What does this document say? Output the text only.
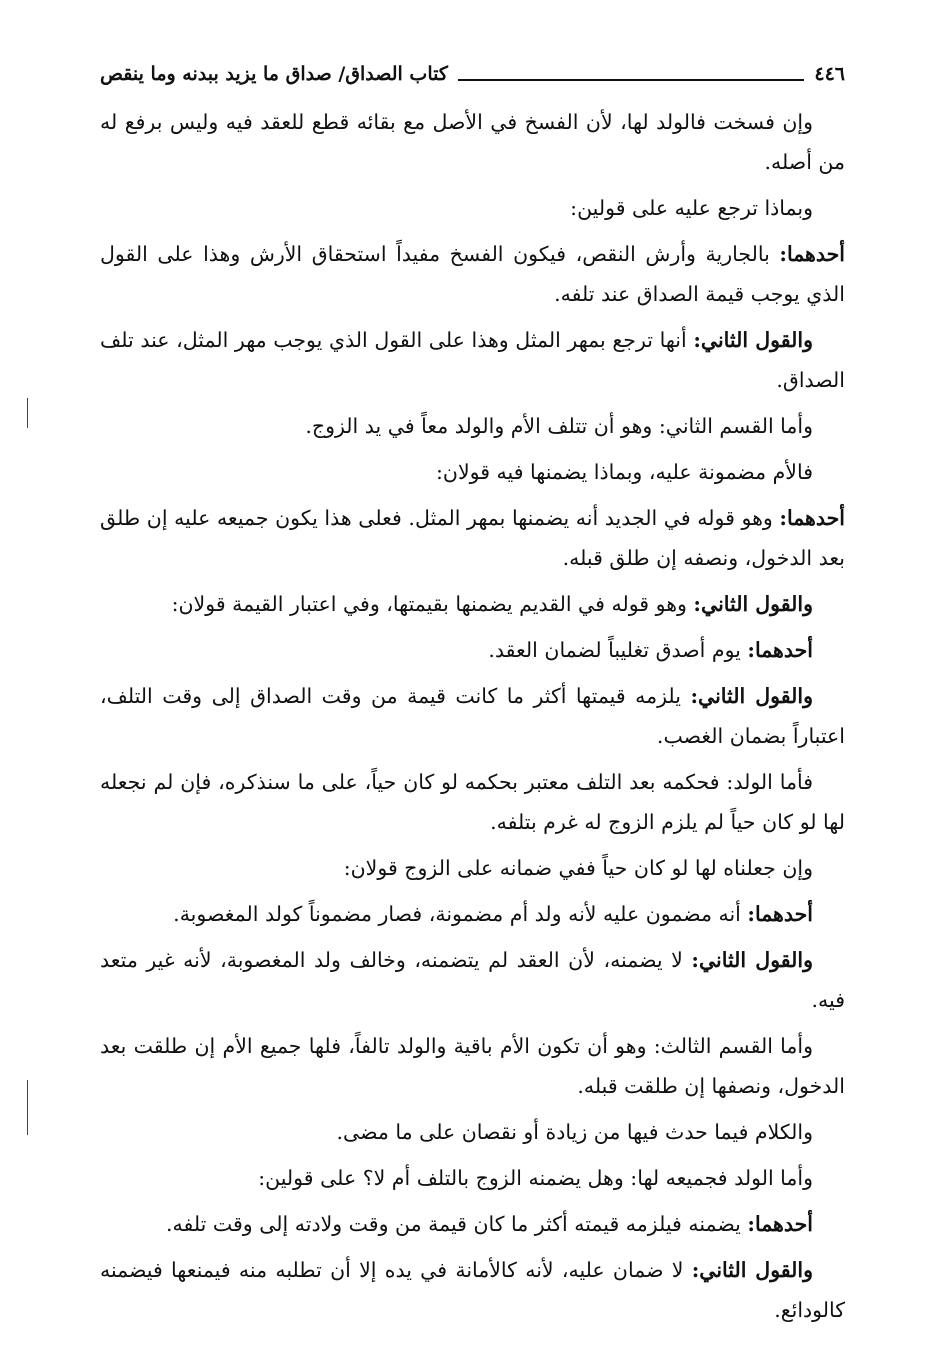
٤٤٦
كتاب الصداق/ صداق ما يزيد ببدنه وما ينقص

وإن فسخت فالولد لها، لأن الفسخ في الأصل مع بقائه قطع للعقد فيه وليس برفع له من أصله.

وبماذا ترجع عليه على قولين:

أحدهما: بالجارية وأرش النقص، فيكون الفسخ مفيداً استحقاق الأرش وهذا على القول الذي يوجب قيمة الصداق عند تلفه.

والقول الثاني: أنها ترجع بمهر المثل وهذا على القول الذي يوجب مهر المثل، عند تلف الصداق.

وأما القسم الثاني: وهو أن تتلف الأم والولد معاً في يد الزوج.

فالأم مضمونة عليه، وبماذا يضمنها فيه قولان:

أحدهما: وهو قوله في الجديد أنه يضمنها بمهر المثل. فعلى هذا يكون جميعه عليه إن طلق بعد الدخول، ونصفه إن طلق قبله.

والقول الثاني: وهو قوله في القديم يضمنها بقيمتها، وفي اعتبار القيمة قولان:

أحدهما: يوم أصدق تغليباً لضمان العقد.

والقول الثاني: يلزمه قيمتها أكثر ما كانت قيمة من وقت الصداق إلى وقت التلف، اعتباراً بضمان الغصب.

فأما الولد: فحكمه بعد التلف معتبر بحكمه لو كان حياً، على ما سنذكره، فإن لم نجعله لها لو كان حياً لم يلزم الزوج له غرم بتلفه.

وإن جعلناه لها لو كان حياً ففي ضمانه على الزوج قولان:

أحدهما: أنه مضمون عليه لأنه ولد أم مضمونة، فصار مضموناً كولد المغصوبة.

والقول الثاني: لا يضمنه، لأن العقد لم يتضمنه، وخالف ولد المغصوبة، لأنه غير متعد فيه.

وأما القسم الثالث: وهو أن تكون الأم باقية والولد تالفاً، فلها جميع الأم إن طلقت بعد الدخول، ونصفها إن طلقت قبله.

والكلام فيما حدث فيها من زيادة أو نقصان على ما مضى.

وأما الولد فجميعه لها: وهل يضمنه الزوج بالتلف أم لا؟ على قولين:

أحدهما: يضمنه فيلزمه قيمته أكثر ما كان قيمة من وقت ولادته إلى وقت تلفه.

والقول الثاني: لا ضمان عليه، لأنه كالأمانة في يده إلا أن تطلبه منه فيمنعها فيضمنه كالودائع.
